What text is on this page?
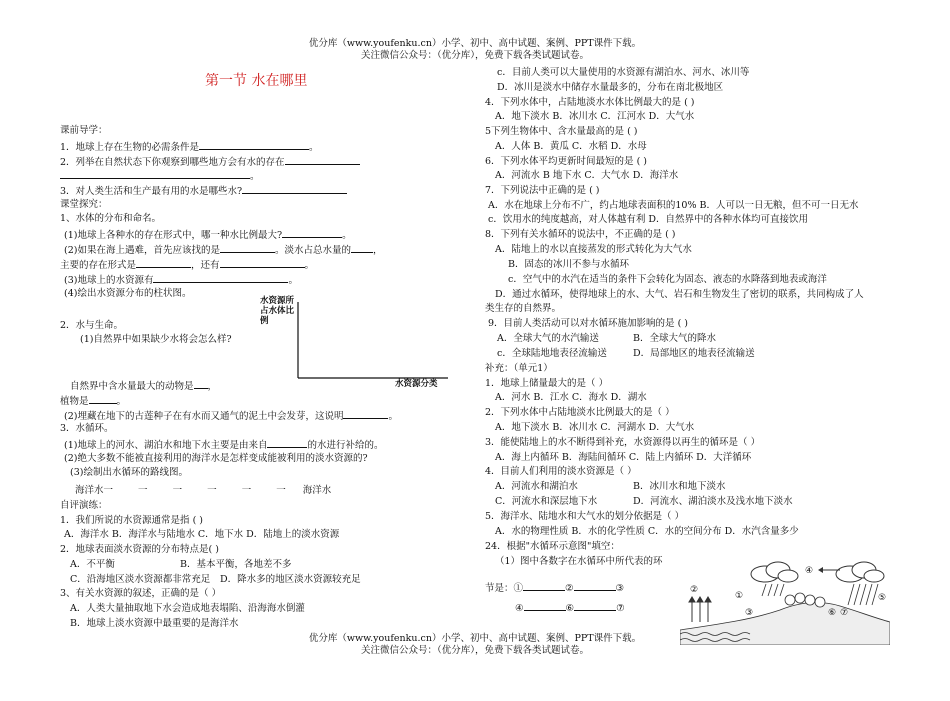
优分库（www.youfenku.cn）小学、初中、高中试题、案例、PPT课件下载。
关注微信公众号：（优分库），免费下载各类试题试卷。
第一节 水在哪里
课前导学：
1．地球上存在生物的必需条件是	。
2．列举在自然状态下你观察到哪些地方会有水的存在
。
3．对人类生活和生产最有用的水是哪些水?
课堂探究：
1、水体的分布和命名。
(1)地球上各种水的存在形式中，哪一种水比例最大?	。
(2)如果在海上遇难，首先应该找的是	。淡水占总水量的 ，
主要的存在形式是	，还有	。
(3)地球上的水资源有	。
(4)绘出水资源分布的柱状图。
水资源所占水体比例
水资源分类
2．水与生命。
(1)自然界中如果缺少水将会怎么样?
自然界中含水量最大的动物是 ，
植物是	。
(2)埋藏在地下的古莲种子在有水而又通气的泥土中会发芽，这说明	。
3．水循环。
(1)地球上的河水、湖泊水和地下水主要是由来自	的水进行补给的。
(2)绝大多数不能被直接利用的海洋水是怎样变成能被利用的淡水资源的?
(3)绘制出水循环的路线图。
海洋水一	一	一	一	一	一 海洋水
自评演练：
1．我们所说的水资源通常是指 ( )
A．海洋水 B．海洋水与陆地水 C．地下水 D．陆地上的淡水资源
2．地球表面淡水资源的分布特点是( )
A．不平衡	B．基本平衡，各地差不多
C．沿海地区淡水资源都非常充足 D．降水多的地区淡水资源较充足
3、有关水资源的叙述，正确的是（ ）
A．人类大量抽取地下水会造成地表塌陷、沿海海水倒灌
B．地球上淡水资源中最重要的是海洋水
c．目前人类可以大量使用的水资源有湖泊水、河水、冰川等
D．冰川是淡水中储存水量最多的，分布在南北极地区
4．下列水体中，占陆地淡水水体比例最大的是 ( )
A．地下淡水 B．冰川水 C．江河水 D．大气水
5下列生物体中、含水量最高的是 ( )
A．人体 B．黄瓜 C．水稻 D．水母
6．下列水体平均更新时间最短的是 ( )
A．河流水 B 地下水 C．大气水 D．海洋水
7．下列说法中正确的是 ( )
A．水在地球上分布不广，约占地球表面积的10% B．人可以一日无粮，但不可一日无水
c．饮用水的纯度越高，对人体越有利 D．自然界中的各种水体均可直接饮用
8．下列有关水循环的说法中，不正确的是 ( )
A．陆地上的水以直接蒸发的形式转化为大气水
B．固态的冰川不参与水循环
c．空气中的水汽在适当的条件下会转化为固态、液态的水降落到地表或海洋
D．通过水循环，使得地球上的水、大气、岩石和生物发生了密切的联系，共同构成了人
类生存的自然界。
9．目前人类活动可以对水循环施加影响的是 ( )
A．全球大气的水汽输送	B．全球大气的降水
c．全球陆地地表径流输送	D．局部地区的地表径流输送
补充：（单元1）
1．地球上储量最大的是（ ）
A．河水 B．江水 C．海水 D．湖水
2．下列水体中占陆地淡水比例最大的是（ ）
A．地下淡水 B．冰川水 C．河湖水 D．大气水
3．能使陆地上的水不断得到补充，水资源得以再生的循环是（ ）
A．海上内循环 B．海陆间循环 C．陆上内循环 D．大洋循环
4．目前人们利用的淡水资源是（ ）
A．河流水和湖泊水	B．冰川水和地下淡水
C．河流水和深层地下水	D．河流水、湖泊淡水及浅水地下淡水
5．海洋水、陆地水和大气水的划分依据是（ ）
A．水的物理性质 B．水的化学性质 C．水的空间分布 D．水汽含量多少
24．根据"水循环示意图"填空：
（1）图中各数字在水循环中所代表的环
节是：①	②	③
④	⑥	⑦
①
②
③
④
⑤
⑥ ⑦
优分库（www.youfenku.cn）小学、初中、高中试题、案例、PPT课件下载。
关注微信公众号：（优分库），免费下载各类试题试卷。
